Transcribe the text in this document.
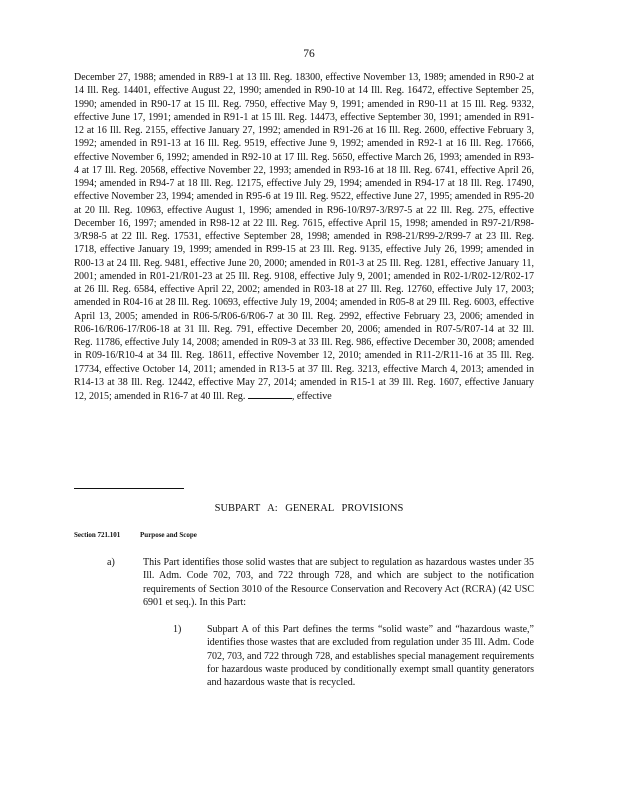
76

December 27, 1988; amended in R89-1 at 13 Ill. Reg. 18300, effective November 13, 1989; amended in R90-2 at 14 Ill. Reg. 14401, effective August 22, 1990; amended in R90-10 at 14 Ill. Reg. 16472, effective September 25, 1990; amended in R90-17 at 15 Ill. Reg. 7950, effective May 9, 1991; amended in R90-11 at 15 Ill. Reg. 9332, effective June 17, 1991; amended in R91-1 at 15 Ill. Reg. 14473, effective September 30, 1991; amended in R91-12 at 16 Ill. Reg. 2155, effective January 27, 1992; amended in R91-26 at 16 Ill. Reg. 2600, effective February 3, 1992; amended in R91-13 at 16 Ill. Reg. 9519, effective June 9, 1992; amended in R92-1 at 16 Ill. Reg. 17666, effective November 6, 1992; amended in R92-10 at 17 Ill. Reg. 5650, effective March 26, 1993; amended in R93-4 at 17 Ill. Reg. 20568, effective November 22, 1993; amended in R93-16 at 18 Ill. Reg. 6741, effective April 26, 1994; amended in R94-7 at 18 Ill. Reg. 12175, effective July 29, 1994; amended in R94-17 at 18 Ill. Reg. 17490, effective November 23, 1994; amended in R95-6 at 19 Ill. Reg. 9522, effective June 27, 1995; amended in R95-20 at 20 Ill. Reg. 10963, effective August 1, 1996; amended in R96-10/R97-3/R97-5 at 22 Ill. Reg. 275, effective December 16, 1997; amended in R98-12 at 22 Ill. Reg. 7615, effective April 15, 1998; amended in R97-21/R98-3/R98-5 at 22 Ill. Reg. 17531, effective September 28, 1998; amended in R98-21/R99-2/R99-7 at 23 Ill. Reg. 1718, effective January 19, 1999; amended in R99-15 at 23 Ill. Reg. 9135, effective July 26, 1999; amended in R00-13 at 24 Ill. Reg. 9481, effective June 20, 2000; amended in R01-3 at 25 Ill. Reg. 1281, effective January 11, 2001; amended in R01-21/R01-23 at 25 Ill. Reg. 9108, effective July 9, 2001; amended in R02-1/R02-12/R02-17 at 26 Ill. Reg. 6584, effective April 22, 2002; amended in R03-18 at 27 Ill. Reg. 12760, effective July 17, 2003; amended in R04-16 at 28 Ill. Reg. 10693, effective July 19, 2004; amended in R05-8 at 29 Ill. Reg. 6003, effective April 13, 2005; amended in R06-5/R06-6/R06-7 at 30 Ill. Reg. 2992, effective February 23, 2006; amended in R06-16/R06-17/R06-18 at 31 Ill. Reg. 791, effective December 20, 2006; amended in R07-5/R07-14 at 32 Ill. Reg. 11786, effective July 14, 2008; amended in R09-3 at 33 Ill. Reg. 986, effective December 30, 2008; amended in R09-16/R10-4 at 34 Ill. Reg. 18611, effective November 12, 2010; amended in R11-2/R11-16 at 35 Ill. Reg. 17734, effective October 14, 2011; amended in R13-5 at 37 Ill. Reg. 3213, effective March 4, 2013; amended in R14-13 at 38 Ill. Reg. 12442, effective May 27, 2014; amended in R15-1 at 39 Ill. Reg. 1607, effective January 12, 2015; amended in R16-7 at 40 Ill. Reg.	, effective

SUBPART A: GENERAL PROVISIONS
Section 721.101	Purpose and Scope
a)	This Part identifies those solid wastes that are subject to regulation as hazardous wastes under 35 Ill. Adm. Code 702, 703, and 722 through 728, and which are subject to the notification requirements of Section 3010 of the Resource Conservation and Recovery Act (RCRA) (42 USC 6901 et seq.). In this Part:
1)	Subpart A of this Part defines the terms “solid waste” and “hazardous waste,” identifies those wastes that are excluded from regulation under 35 Ill. Adm. Code 702, 703, and 722 through 728, and establishes special management requirements for hazardous waste produced by conditionally exempt small quantity generators and hazardous waste that is recycled.
